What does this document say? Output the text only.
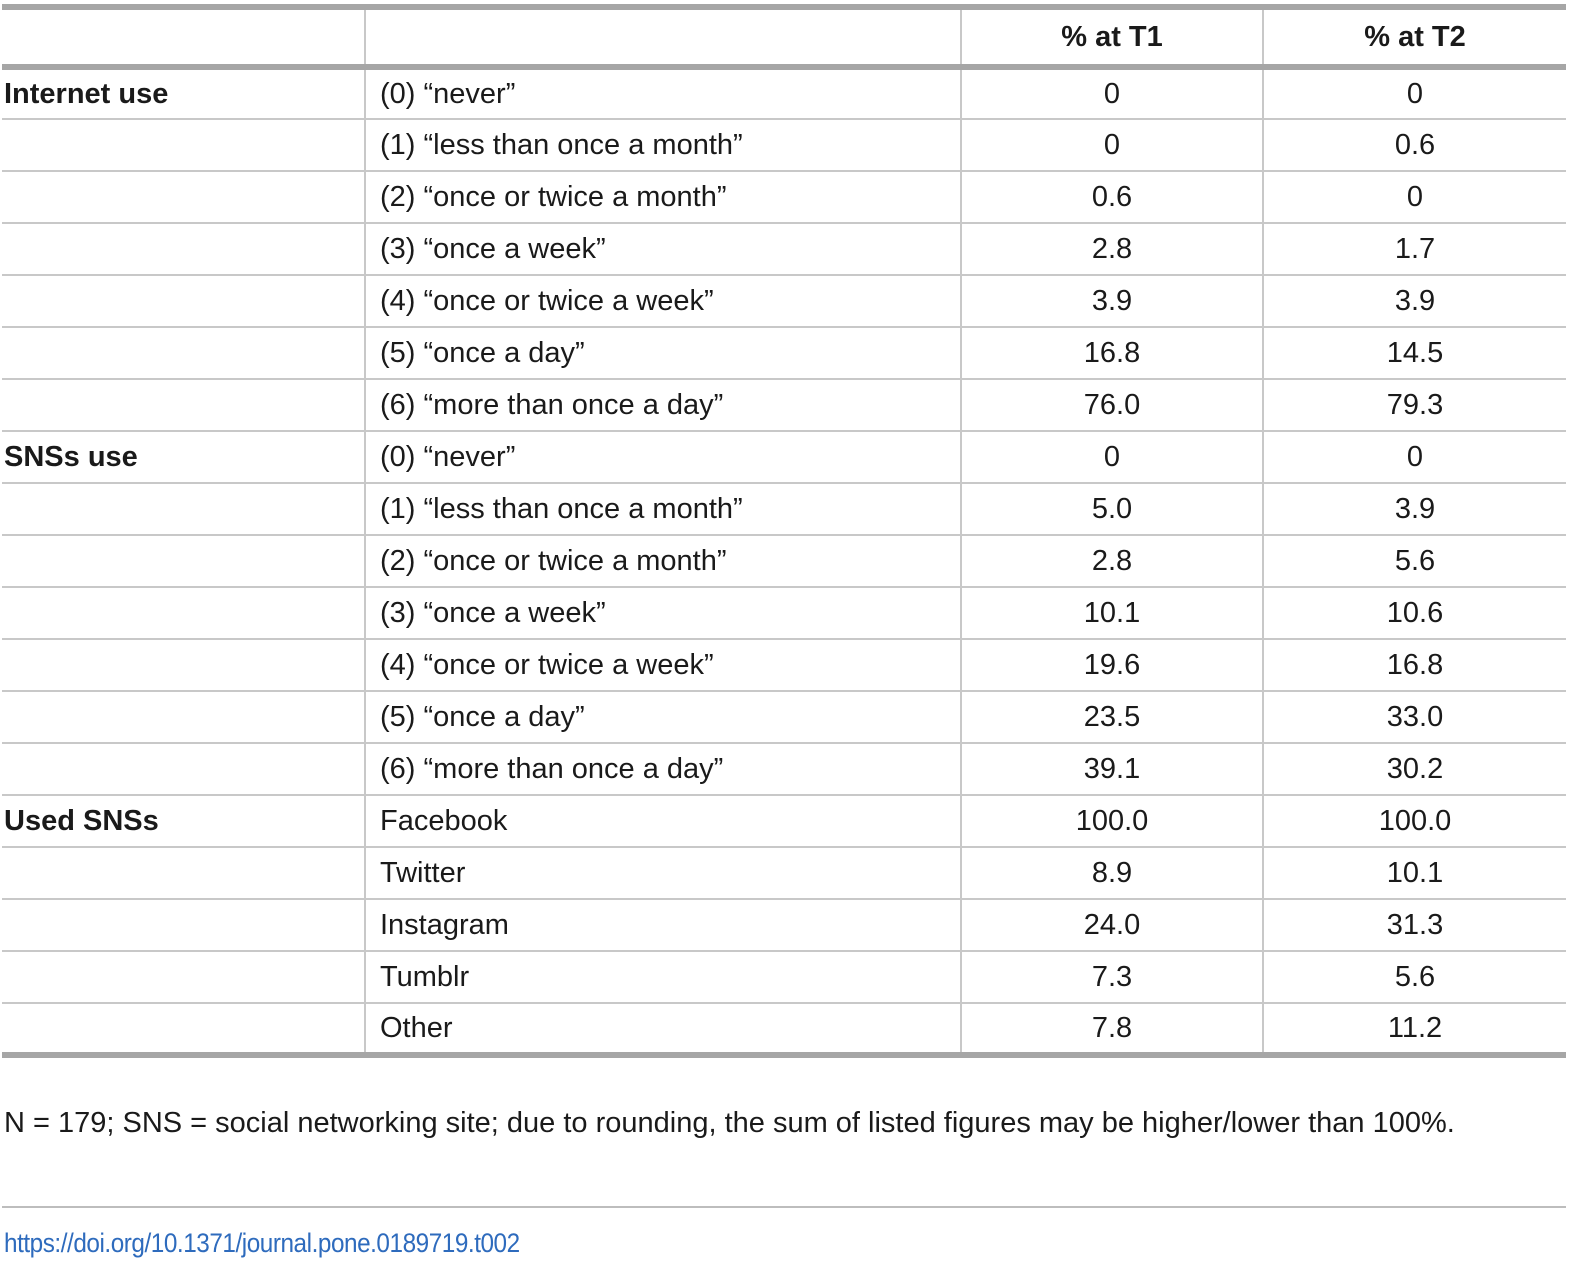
		% at T1	% at T2
Internet use	(0) “never”	0	0
	(1) “less than once a month”	0	0.6
	(2) “once or twice a month”	0.6	0
	(3) “once a week”	2.8	1.7
	(4) “once or twice a week”	3.9	3.9
	(5) “once a day”	16.8	14.5
	(6) “more than once a day”	76.0	79.3
SNSs use	(0) “never”	0	0
	(1) “less than once a month”	5.0	3.9
	(2) “once or twice a month”	2.8	5.6
	(3) “once a week”	10.1	10.6
	(4) “once or twice a week”	19.6	16.8
	(5) “once a day”	23.5	33.0
	(6) “more than once a day”	39.1	30.2
Used SNSs	Facebook	100.0	100.0
	Twitter	8.9	10.1
	Instagram	24.0	31.3
	Tumblr	7.3	5.6
	Other	7.8	11.2
N = 179; SNS = social networking site; due to rounding, the sum of listed figures may be higher/lower than 100%.
https://doi.org/10.1371/journal.pone.0189719.t002
